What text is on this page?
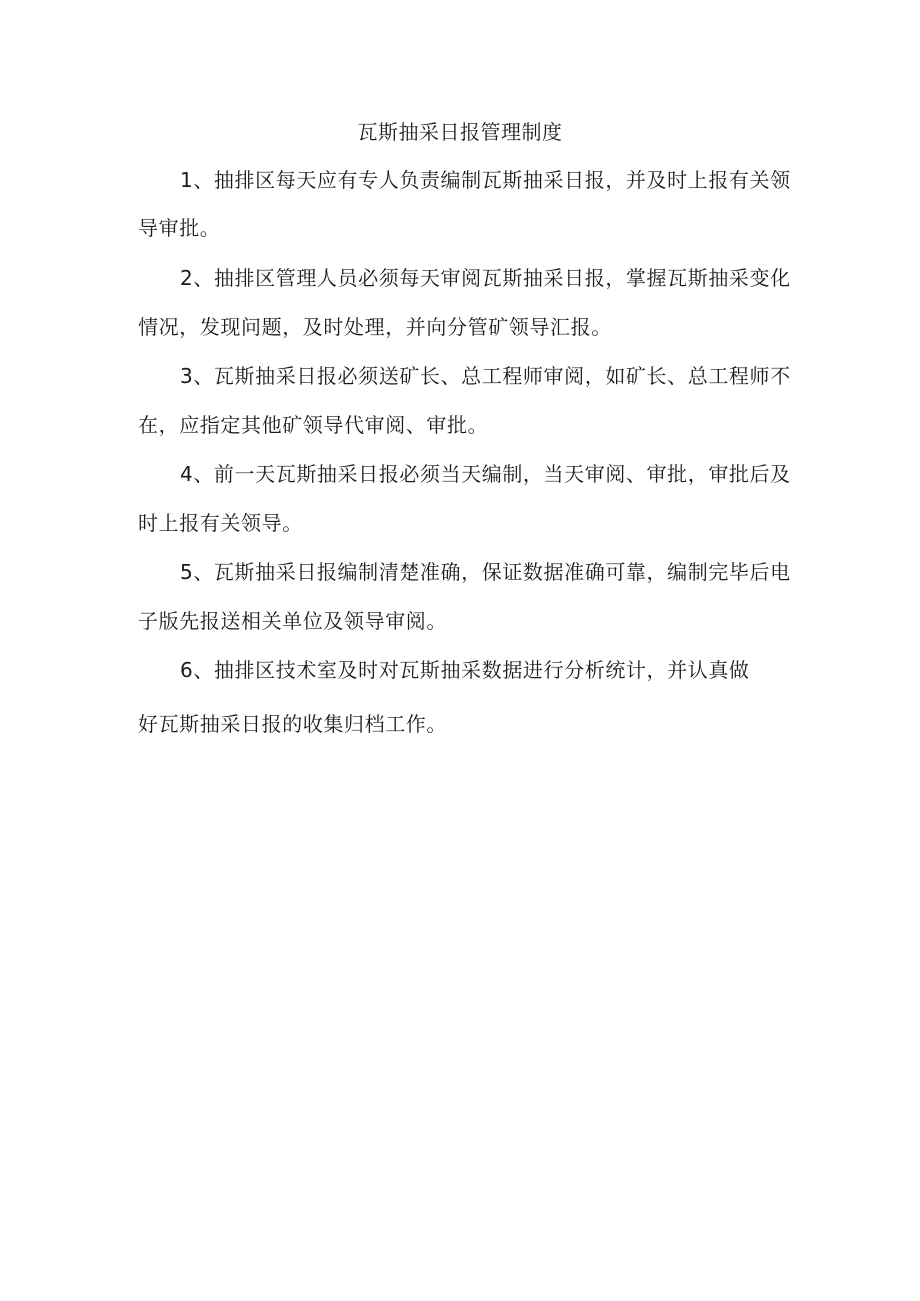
瓦斯抽采日报管理制度
1、抽排区每天应有专人负责编制瓦斯抽采日报，并及时上报有关领
导审批。
2、抽排区管理人员必须每天审阅瓦斯抽采日报，掌握瓦斯抽采变化
情况，发现问题，及时处理，并向分管矿领导汇报。
3、瓦斯抽采日报必须送矿长、总工程师审阅，如矿长、总工程师不
在，应指定其他矿领导代审阅、审批。
4、前一天瓦斯抽采日报必须当天编制，当天审阅、审批，审批后及
时上报有关领导。
5、瓦斯抽采日报编制清楚准确，保证数据准确可靠，编制完毕后电
子版先报送相关单位及领导审阅。
6、抽排区技术室及时对瓦斯抽采数据进行分析统计，并认真做
好瓦斯抽采日报的收集归档工作。
